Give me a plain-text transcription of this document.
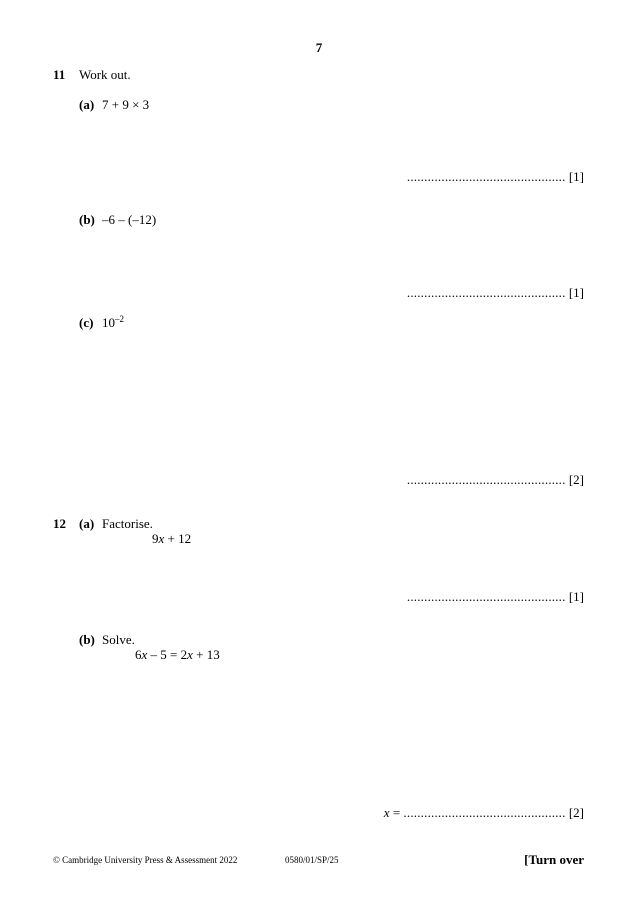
7
11 Work out.
(a) 7 + 9 × 3
.............................................. [1]
(b) –6 – (–12)
.............................................. [1]
(c) $10^{-2}$
.............................................. [2]
12 (a) Factorise.
9x + 12
.............................................. [1]
(b) Solve.
6x – 5 = 2x + 13
x = ............................................... [2]
© Cambridge University Press & Assessment 2022	0580/01/SP/25	[Turn over
